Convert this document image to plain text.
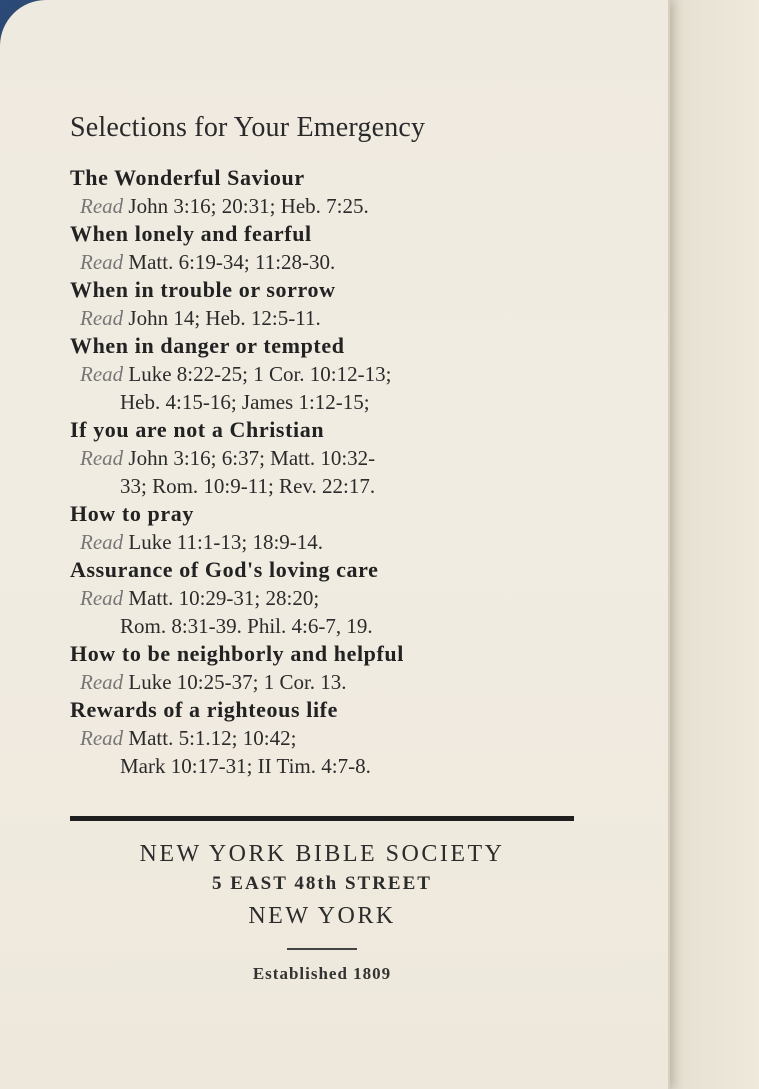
Selections for Your Emergency
The Wonderful Saviour
Read John 3:16; 20:31; Heb. 7:25.
When lonely and fearful
Read Matt. 6:19-34; 11:28-30.
When in trouble or sorrow
Read John 14; Heb. 12:5-11.
When in danger or tempted
Read Luke 8:22-25; 1 Cor. 10:12-13;
Heb. 4:15-16; James 1:12-15;
If you are not a Christian
Read John 3:16; 6:37; Matt. 10:32-
33; Rom. 10:9-11; Rev. 22:17.
How to pray
Read Luke 11:1-13; 18:9-14.
Assurance of God's loving care
Read Matt. 10:29-31; 28:20;
Rom. 8:31-39. Phil. 4:6-7, 19.
How to be neighborly and helpful
Read Luke 10:25-37; 1 Cor. 13.
Rewards of a righteous life
Read Matt. 5:1.12; 10:42;
Mark 10:17-31; II Tim. 4:7-8.
NEW YORK BIBLE SOCIETY
5 EAST 48th STREET
NEW YORK
Established 1809
